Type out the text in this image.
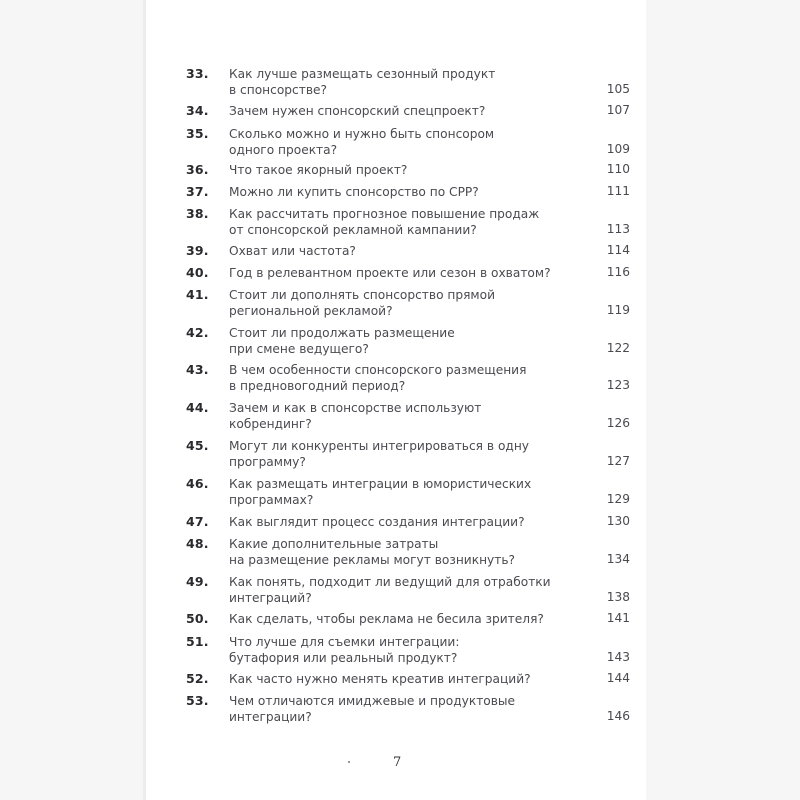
33. Как лучше размещать сезонный продукт
в спонсорстве?	105
34. Зачем нужен спонсорский спецпроект?	107
35. Сколько можно и нужно быть спонсором
одного проекта?	109
36. Что такое якорный проект?	110
37. Можно ли купить спонсорство по CPP?	111
38. Как рассчитать прогнозное повышение продаж
от спонсорской рекламной кампании?	113
39. Охват или частота?	114
40. Год в релевантном проекте или сезон в охватом?	116
41. Стоит ли дополнять спонсорство прямой
региональной рекламой?	119
42. Стоит ли продолжать размещение
при смене ведущего?	122
43. В чем особенности спонсорского размещения
в предновогодний период?	123
44. Зачем и как в спонсорстве используют
кобрендинг?	126
45. Могут ли конкуренты интегрироваться в одну
программу?	127
46. Как размещать интеграции в юмористических
программах?	129
47. Как выглядит процесс создания интеграции?	130
48. Какие дополнительные затраты
на размещение рекламы могут возникнуть?	134
49. Как понять, подходит ли ведущий для отработки
интеграций?	138
50. Как сделать, чтобы реклама не бесила зрителя?	141
51. Что лучше для съемки интеграции:
бутафория или реальный продукт?	143
52. Как часто нужно менять креатив интеграций?	144
53. Чем отличаются имиджевые и продуктовые
интеграции?	146
7
